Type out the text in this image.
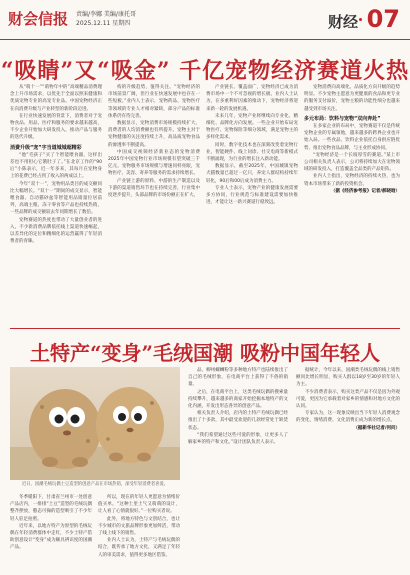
财会信报 责编/李娜 美编/康托哥
2025.12.11 星期四	财经 07
“吸睛”又“吸金” 千亿宠物经济赛道火热

从“萌十一”“萌物年中的”高端精品消费理念上升市场需求，以优先于全面以照来健康和优质宠物专业的高宠专业品。中国宠物经济正在向消费升级与产业转型的新阶段迈进。

在行业快速发展的背景下，消费者对于宠物食品、用品、医疗和服务的要求越来越高，不少企业开始加大研发投入，推动产品与服务的迭代升级。

消费升级“宠”字当道城城超精彩

“他”毛孩子”买了个智能喂食器，这样出差也不用担心它饿肚子了。”在北京工作的“90后”小陈表示，近一年多来，其每月在宠物身上的花费已经占到了收入的两成以上。

今年“双十一”，宠物用品类目的成交额同比大幅增长。“双十一”期间的成交显示，智能喂食器、自动猫砂盆等智能用品销量位居前列，高端主粮、冻干零食等产品也持续热销，一些品牌的成交额较去年同期增长了数倍。

宠物赛道的热度也带动了大量创业者的进入，不少新消费品牌依托线上渠道快速崛起，以差异化的定位和精细化的运营赢得了年轻消费者的青睐。

构的升级趋势，值得关注。“宠物经济的市场前景广阔，但行业在快速发展中也存在一些短板。”业内人士表示，宠物药品、宠物医疗等领域的专业人才相对紧缺，部分产品的标准体系仍有待完善。

数据显示，宠物消费市场规模持续扩大，消费者的人均消费额也有所提升。宠物主对于宠物健康的关注度持续上升，高品质宠物食品的渗透率不断提高。

中国成交视频经济新业态的宠物消费2025年中国宠物行业市场规模有望突破三千亿元。宠物服务市场规模与增速同样亮眼，宠物医疗、美容、寄养等服务的需求持续增长。

产业链上游的原料、中游的生产制造以及下游的渠道销售环节也在持续完善，行业集中度逐步提升，头部品牌的市场份额正在扩大。

产业链长、覆盖面广，宠物经济已成为消费市场中一个不可忽视的增长极。业内人士认为，在多重利好因素的推动下，宠物经济将迎来新一轮的发展机遇。

未来几年，宠物产业将继续向专业化、精细化、品牌化方向发展。一些企业开始布局宠物医疗、宠物保险等细分领域，满足宠物主的多样化需求。

同时，数字化技术也在深刻改变着宠物行业，智能硬件、线上问诊、社交电商等新模式不断涌现，为行业的增长注入新动能。

数据显示，截至2025年，中国城镇宠物犬猫数量已超过一亿只，养宠人群结构持续年轻化，90后和00后成为消费主力。

专业人士表示，宠物产业的健康发展需要多方协同，行业规范与标准建设需要加快推进，才能让这一新兴赛道行稳致远。

宠物消费向高端化、品质化方向升级的趋势明显。不少宠物主愿意为更健康的食品和更专业的服务支付溢价，宠物主粮的功能性细分也越来越受到市场关注。

多元布局：饮料与宠物“双向奔赴”

在多家企业的布局中，宠物赛道不仅是传统宠物企业的专属领地，越来越多的跨界企业也开始入局。一些食品、饮料企业依托自身供应链优势，推出宠物食品品牌，与主业形成协同。

“宠物经济是一个长坡厚雪的赛道。”某上市公司相关负责人表示，公司将持续加大在宠物领域的研发投入，打造覆盖全品类的产品矩阵。

业内人士指出，宠物经济的持续火热，也为资本市场带来了新的投资机会。

（据《经济参考报》记者/郝晓晗）

土特产“变身”毛绒国潮 吸粉中国年轻人
近日，国潮毛绒玩偶土豆造型的创意产品在市场热销，深受年轻消费者喜爱。

冬季暖阳下，甘肃省兰州市一处创意产品店内，一排排“土豆”造型的毛绒玩偶整齐摆放，憨态可掬的造型吸引了不少年轻人驻足拍照。

近年来，以地方特产为原型的毛绒玩偶在年轻消费群体中走红，不少土特产借助创意设计“变身”成为颇具辨识度的国潮产品。

所以，现在的年轻人更愿意为情绪价值买单。“这种土里土气又萌萌的设计，让人看了心情就很好。”一位购买者说。

此外，将地方特色与文创结合，也让不少城市的文旅品牌形象更加鲜活，带动了线上线下的销售。

业内人士认为，土特产与毛绒玩偶的结合，既传承了地方文化，又满足了年轻人的审美需求，值得更多地区借鉴。

品、柳州螺蛳粉等多种地方特产也陆续推出了自己的毛绒形象，在电商平台上获得了不俗的销量。

之后，在电商平台上，这类毛绒玩偶的搜索量持续攀升，越来越多的商家开始挖掘本地特产的文化内涵，开发出形态各异的创意产品。

相关负责人介绍，店内的土特产毛绒玩偶已经推出了十多款，其中最受欢迎的几款经常处于缺货状态。

“我们希望通过这些可爱的形象，让更多人了解家乡的特产和文化。”设计团队负责人表示。

据统计，今年以来，国潮类毛绒玩偶的线上销售额同比增长明显，购买人群以18岁至30岁的年轻人为主。

不少消费者表示，购买这类产品不仅是因为外观可爱，更因为它承载着对家乡的情感和对地方文化的认同。

专家认为，这一现象反映出当下年轻人消费观念的变化，情绪消费、文化消费正成为新的增长点。

（据新华社记者/何问）
